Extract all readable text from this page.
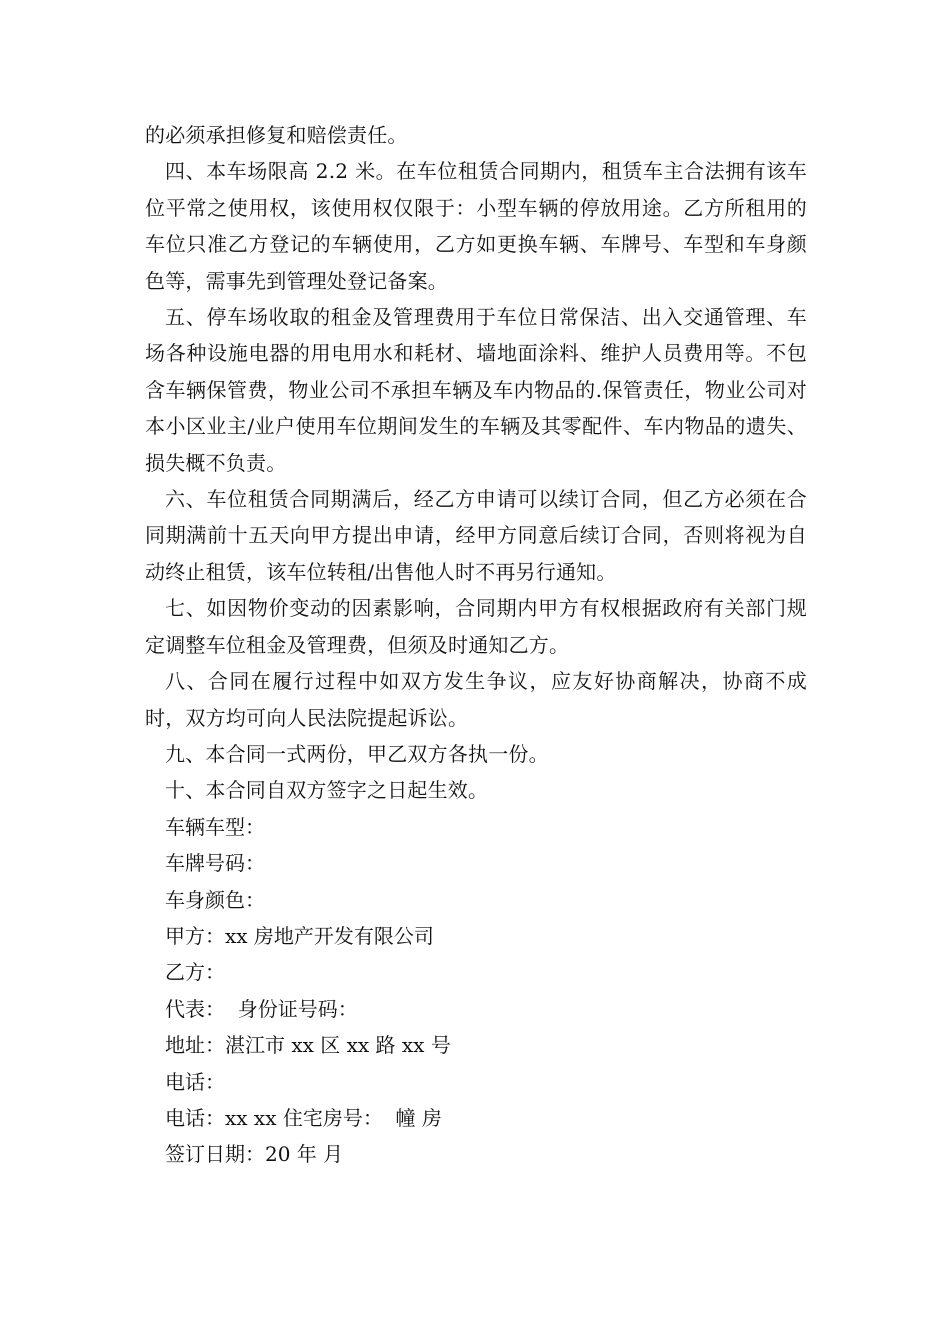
的必须承担修复和赔偿责任。

四、本车场限高 2.2 米。在车位租赁合同期内，租赁车主合法拥有该车位平常之使用权，该使用权仅限于：小型车辆的停放用途。乙方所租用的车位只准乙方登记的车辆使用，乙方如更换车辆、车牌号、车型和车身颜色等，需事先到管理处登记备案。

五、停车场收取的租金及管理费用于车位日常保洁、出入交通管理、车场各种设施电器的用电用水和耗材、墙地面涂料、维护人员费用等。不包含车辆保管费，物业公司不承担车辆及车内物品的.保管责任，物业公司对本小区业主/业户使用车位期间发生的车辆及其零配件、车内物品的遗失、损失概不负责。

六、车位租赁合同期满后，经乙方申请可以续订合同，但乙方必须在合同期满前十五天向甲方提出申请，经甲方同意后续订合同，否则将视为自动终止租赁，该车位转租/出售他人时不再另行通知。

七、如因物价变动的因素影响，合同期内甲方有权根据政府有关部门规定调整车位租金及管理费，但须及时通知乙方。

八、合同在履行过程中如双方发生争议，应友好协商解决，协商不成时，双方均可向人民法院提起诉讼。

九、本合同一式两份，甲乙双方各执一份。

十、本合同自双方签字之日起生效。

车辆车型：

车牌号码：

车身颜色：

甲方：xx 房地产开发有限公司

乙方：

代表：  身份证号码：

地址：湛江市 xx 区 xx 路 xx 号

电话：

电话：xx xx 住宅房号：  幢 房

签订日期：20 年 月
